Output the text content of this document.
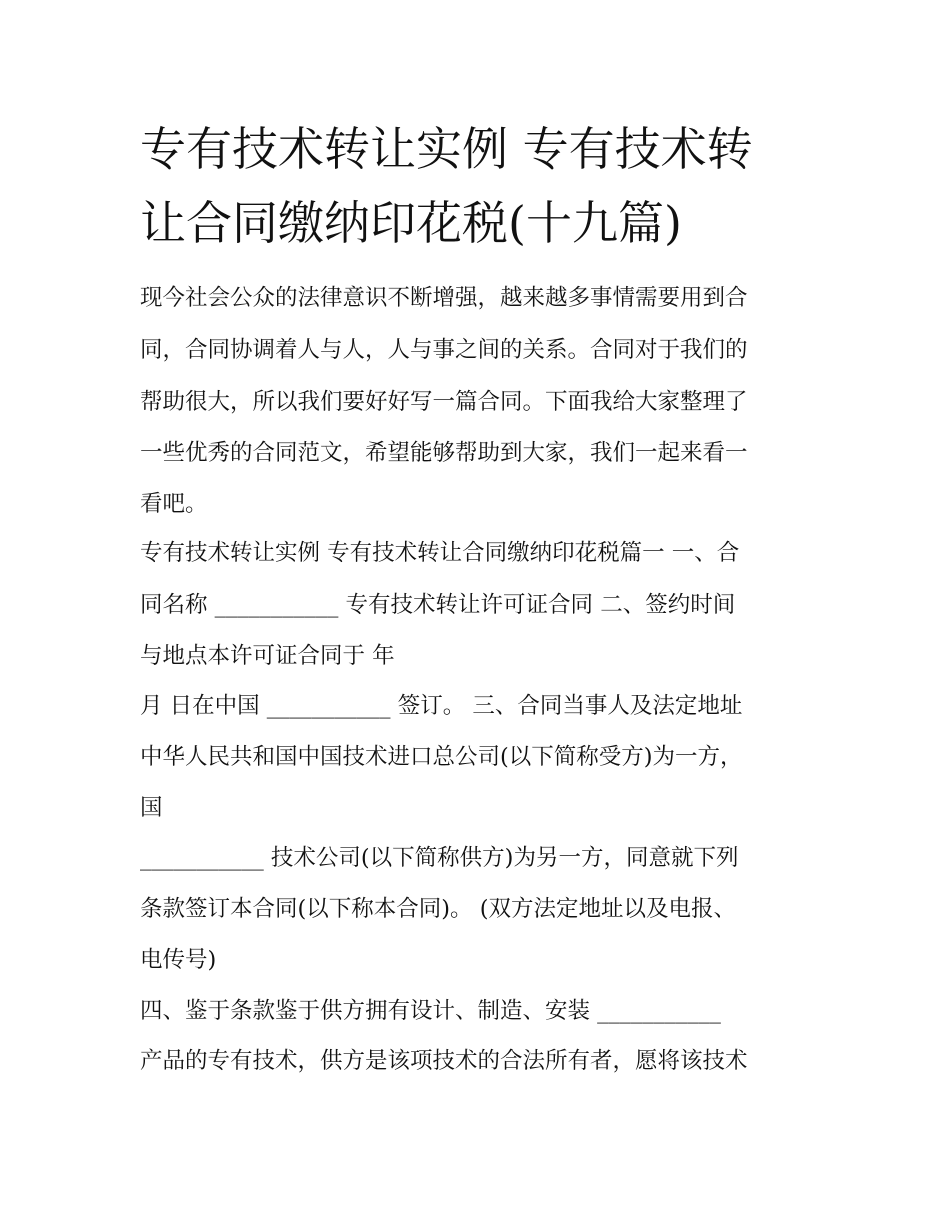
专有技术转让实例 专有技术转
让合同缴纳印花税(十九篇)

现今社会公众的法律意识不断增强，越来越多事情需要用到合

同，合同协调着人与人，人与事之间的关系。合同对于我们的

帮助很大，所以我们要好好写一篇合同。下面我给大家整理了

一些优秀的合同范文，希望能够帮助到大家，我们一起来看一

看吧。

专有技术转让实例 专有技术转让合同缴纳印花税篇一 一、合

同名称 ___________ 专有技术转让许可证合同 二、签约时间

与地点本许可证合同于 年

月 日在中国 ___________ 签订。 三、合同当事人及法定地址

中华人民共和国中国技术进口总公司(以下简称受方)为一方，

国

___________ 技术公司(以下简称供方)为另一方，同意就下列

条款签订本合同(以下称本合同)。 (双方法定地址以及电报、

电传号)

四、鉴于条款鉴于供方拥有设计、制造、安装 ___________

产品的专有技术，供方是该项技术的合法所有者，愿将该技术
